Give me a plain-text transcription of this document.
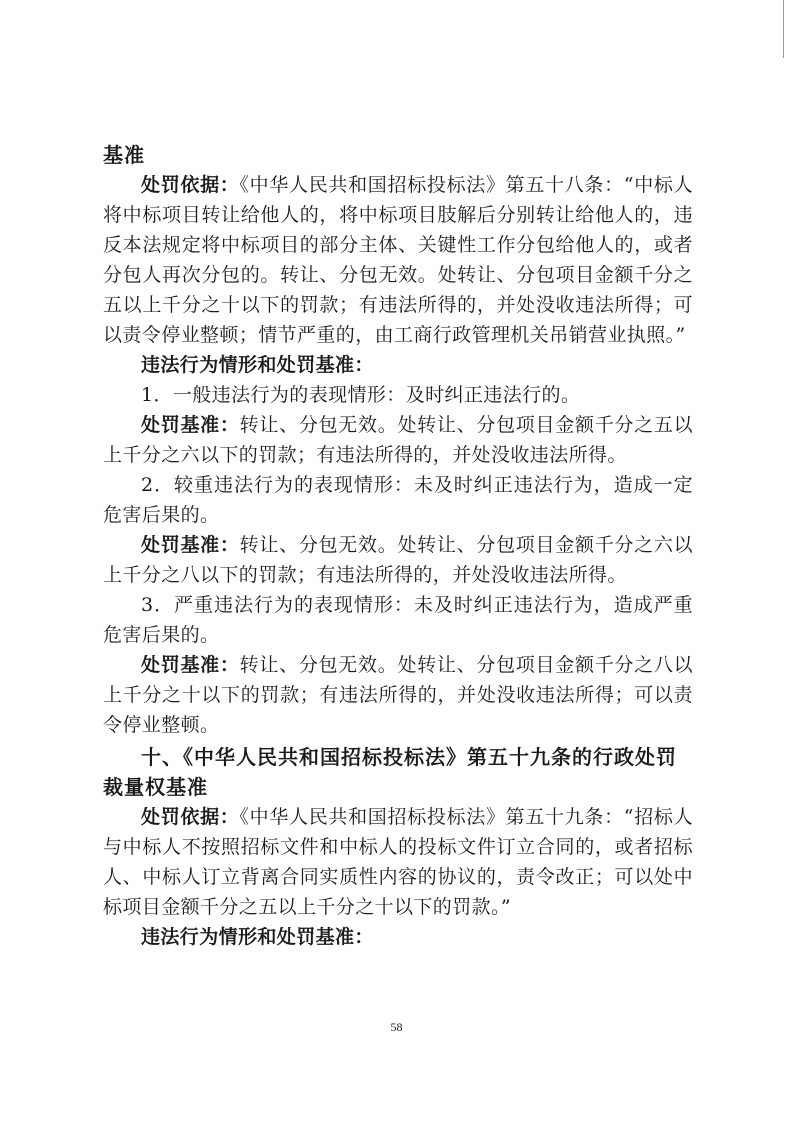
基准

处罚依据：《中华人民共和国招标投标法》第五十八条：“中标人将中标项目转让给他人的，将中标项目肢解后分别转让给他人的，违反本法规定将中标项目的部分主体、关键性工作分包给他人的，或者分包人再次分包的。转让、分包无效。处转让、分包项目金额千分之五以上千分之十以下的罚款；有违法所得的，并处没收违法所得；可以责令停业整顿；情节严重的，由工商行政管理机关吊销营业执照。”

违法行为情形和处罚基准：

1．一般违法行为的表现情形：及时纠正违法行的。

处罚基准：转让、分包无效。处转让、分包项目金额千分之五以上千分之六以下的罚款；有违法所得的，并处没收违法所得。

2．较重违法行为的表现情形：未及时纠正违法行为，造成一定危害后果的。

处罚基准：转让、分包无效。处转让、分包项目金额千分之六以上千分之八以下的罚款；有违法所得的，并处没收违法所得。

3．严重违法行为的表现情形：未及时纠正违法行为，造成严重危害后果的。

处罚基准：转让、分包无效。处转让、分包项目金额千分之八以上千分之十以下的罚款；有违法所得的，并处没收违法所得；可以责令停业整顿。

十、《中华人民共和国招标投标法》第五十九条的行政处罚裁量权基准

处罚依据：《中华人民共和国招标投标法》第五十九条：“招标人与中标人不按照招标文件和中标人的投标文件订立合同的，或者招标人、中标人订立背离合同实质性内容的协议的，责令改正；可以处中标项目金额千分之五以上千分之十以下的罚款。”

违法行为情形和处罚基准：

58
